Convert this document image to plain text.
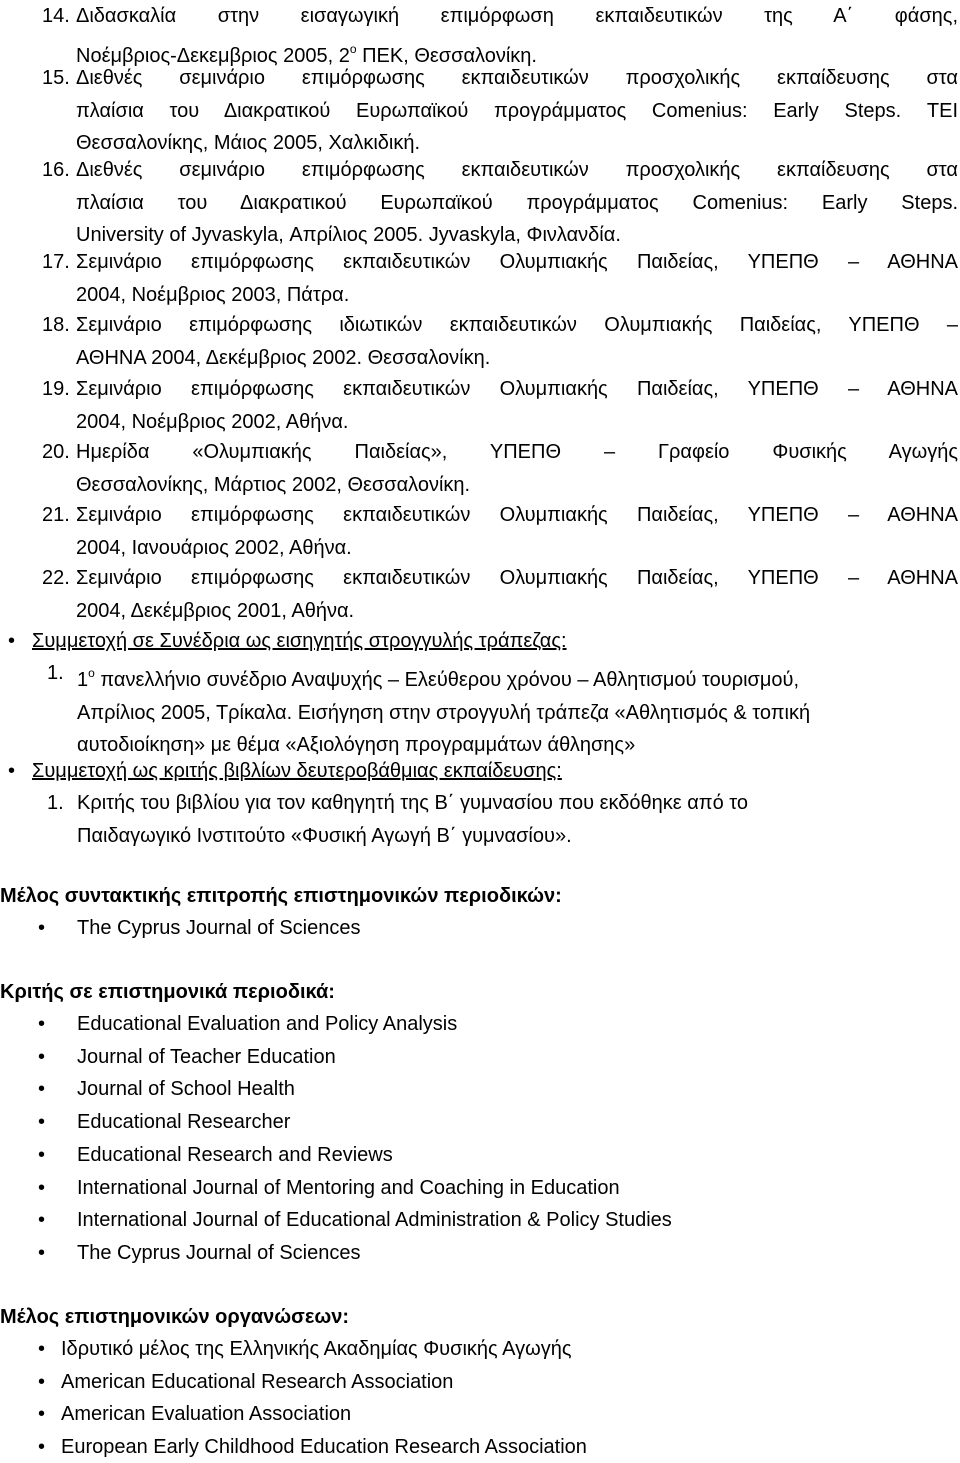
14. Διδασκαλία στην εισαγωγική επιμόρφωση εκπαιδευτικών της Α΄ φάσης,
Νοέμβριος-Δεκεμβριος 2005, $2^o$ ΠΕΚ, Θεσσαλονίκη.
15. Διεθνές σεμινάριο επιμόρφωσης εκπαιδευτικών προσχολικής εκπαίδευσης στα
πλαίσια του Διακρατικού Ευρωπαϊκού προγράμματος Comenius: Early Steps. ΤΕΙ
Θεσσαλονίκης, Μάιος 2005, Χαλκιδική.
16. Διεθνές σεμινάριο επιμόρφωσης εκπαιδευτικών προσχολικής εκπαίδευσης στα
πλαίσια του Διακρατικού Ευρωπαϊκού προγράμματος Comenius: Early Steps.
University of Jyvaskyla, Απρίλιος 2005. Jyvaskyla, Φινλανδία.
17. Σεμινάριο επιμόρφωσης εκπαιδευτικών Ολυμπιακής Παιδείας, ΥΠΕΠΘ – ΑΘΗΝΑ
2004, Νοέμβριος 2003, Πάτρα.
18. Σεμινάριο επιμόρφωσης ιδιωτικών εκπαιδευτικών Ολυμπιακής Παιδείας, ΥΠΕΠΘ –
ΑΘΗΝΑ 2004, Δεκέμβριος 2002. Θεσσαλονίκη.
19. Σεμινάριο επιμόρφωσης εκπαιδευτικών Ολυμπιακής Παιδείας, ΥΠΕΠΘ – ΑΘΗΝΑ
2004, Νοέμβριος 2002, Αθήνα.
20. Ημερίδα «Ολυμπιακής Παιδείας», ΥΠΕΠΘ – Γραφείο Φυσικής Αγωγής
Θεσσαλονίκης, Μάρτιος 2002, Θεσσαλονίκη.
21. Σεμινάριο επιμόρφωσης εκπαιδευτικών Ολυμπιακής Παιδείας, ΥΠΕΠΘ – ΑΘΗΝΑ
2004, Ιανουάριος 2002, Αθήνα.
22. Σεμινάριο επιμόρφωσης εκπαιδευτικών Ολυμπιακής Παιδείας, ΥΠΕΠΘ – ΑΘΗΝΑ
2004, Δεκέμβριος 2001, Αθήνα.
• Συμμετοχή σε Συνέδρια ως εισηγητής στρογγυλής τράπεζας:
1. $1^o$ πανελλήνιο συνέδριο Αναψυχής – Ελεύθερου χρόνου – Αθλητισμού τουρισμού,
Απρίλιος 2005, Τρίκαλα. Εισήγηση στην στρογγυλή τράπεζα «Αθλητισμός & τοπική
αυτοδιοίκηση» με θέμα «Αξιολόγηση προγραμμάτων άθλησης»
• Συμμετοχή ως κριτής βιβλίων δευτεροβάθμιας εκπαίδευσης:
1. Κριτής του βιβλίου για τον καθηγητή της Β΄ γυμνασίου που εκδόθηκε από το
Παιδαγωγικό Ινστιτούτο «Φυσική Αγωγή Β΄ γυμνασίου».
Μέλος συντακτικής επιτροπής επιστημονικών περιοδικών:
• The Cyprus Journal of Sciences
Κριτής σε επιστημονικά περιοδικά:
• Educational Evaluation and Policy Analysis
• Journal of Teacher Education
• Journal of School Health
• Educational Researcher
• Educational Research and Reviews
• International Journal of Mentoring and Coaching in Education
• International Journal of Educational Administration & Policy Studies
• The Cyprus Journal of Sciences
Μέλος επιστημονικών οργανώσεων:
• Ιδρυτικό μέλος της Ελληνικής Ακαδημίας Φυσικής Αγωγής
• American Educational Research Association
• American Evaluation Association
• European Early Childhood Education Research Association
